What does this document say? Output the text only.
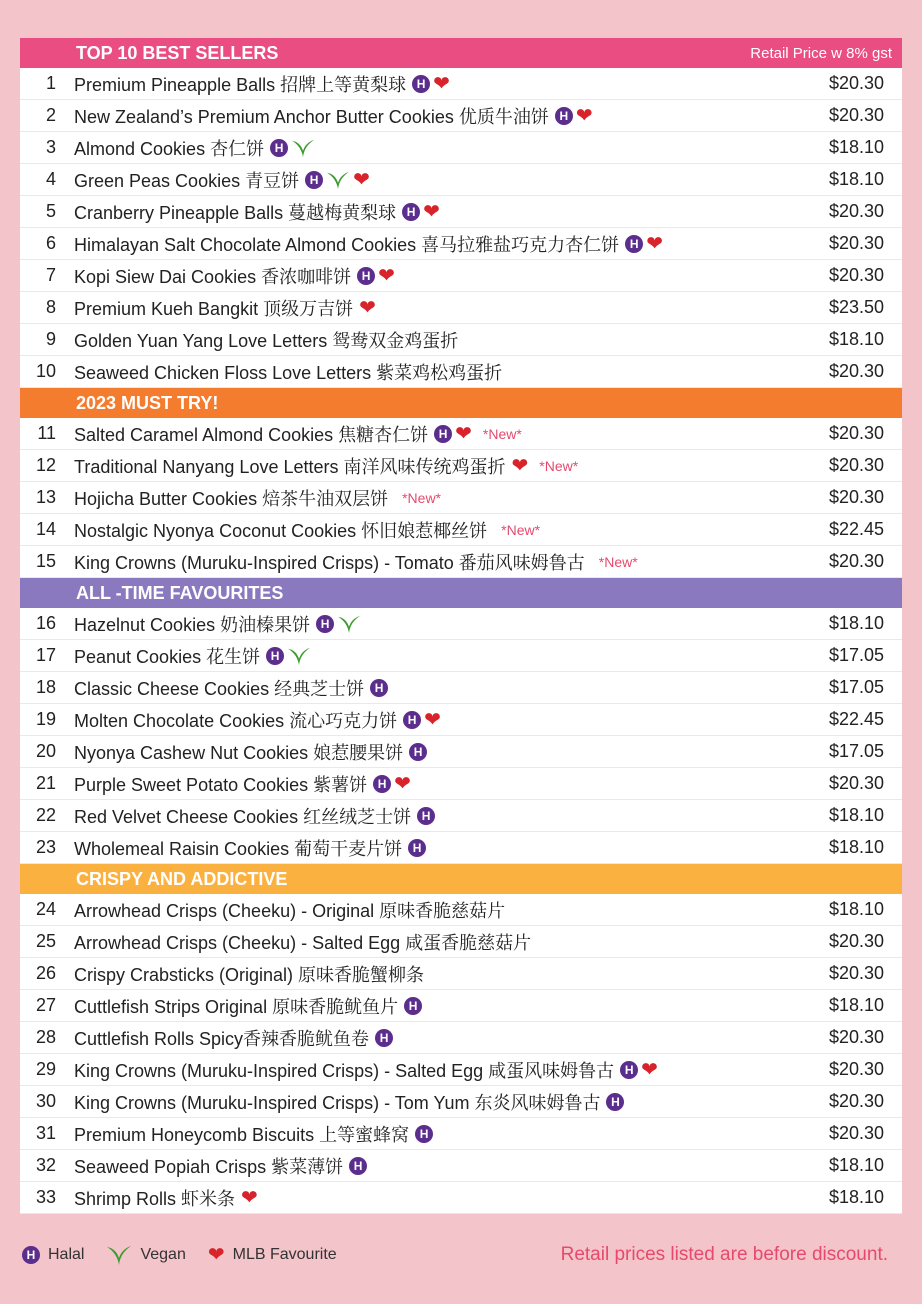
TOP 10 BEST SELLERS	Retail Price w 8% gst
1	Premium Pineapple Balls 招牌上等黄梨球 H ❤	$20.30
2	New Zealand’s Premium Anchor Butter Cookies 优质牛油饼 H ❤	$20.30
3	Almond Cookies 杏仁饼 H	$18.10
4	Green Peas Cookies 青豆饼 H ❤	$18.10
5	Cranberry Pineapple Balls 蔓越梅黄梨球 H ❤	$20.30
6	Himalayan Salt Chocolate Almond Cookies 喜马拉雅盐巧克力杏仁饼 H ❤	$20.30
7	Kopi Siew Dai Cookies 香浓咖啡饼 H ❤	$20.30
8	Premium Kueh Bangkit 顶级万吉饼 ❤	$23.50
9	Golden Yuan Yang Love Letters 鸳鸯双金鸡蛋折	$18.10
10	Seaweed Chicken Floss Love Letters 紫菜鸡松鸡蛋折	$20.30
2023 MUST TRY!
11	Salted Caramel Almond Cookies 焦糖杏仁饼 H ❤ *New*	$20.30
12	Traditional Nanyang Love Letters 南洋风味传统鸡蛋折 ❤ *New*	$20.30
13	Hojicha Butter Cookies 焙茶牛油双层饼 *New*	$20.30
14	Nostalgic Nyonya Coconut Cookies 怀旧娘惹椰丝饼 *New*	$22.45
15	King Crowns (Muruku-Inspired Crisps) - Tomato 番茄风味姆鲁古 *New*	$20.30
ALL -TIME FAVOURITES
16	Hazelnut Cookies 奶油榛果饼 H	$18.10
17	Peanut Cookies 花生饼 H	$17.05
18	Classic Cheese Cookies 经典芝士饼 H	$17.05
19	Molten Chocolate Cookies 流心巧克力饼 H ❤	$22.45
20	Nyonya Cashew Nut Cookies 娘惹腰果饼 H	$17.05
21	Purple Sweet Potato Cookies 紫薯饼 H ❤	$20.30
22	Red Velvet Cheese Cookies 红丝绒芝士饼 H	$18.10
23	Wholemeal Raisin Cookies 葡萄干麦片饼 H	$18.10
CRISPY AND ADDICTIVE
24	Arrowhead Crisps (Cheeku) - Original 原味香脆慈菇片	$18.10
25	Arrowhead Crisps (Cheeku) - Salted Egg 咸蛋香脆慈菇片	$20.30
26	Crispy Crabsticks (Original) 原味香脆蟹柳条	$20.30
27	Cuttlefish Strips Original 原味香脆鱿鱼片 H	$18.10
28	Cuttlefish Rolls Spicy香辣香脆鱿鱼卷 H	$20.30
29	King Crowns (Muruku-Inspired Crisps) - Salted Egg 咸蛋风味姆鲁古 H ❤	$20.30
30	King Crowns (Muruku-Inspired Crisps) - Tom Yum 东炎风味姆鲁古 H	$20.30
31	Premium Honeycomb Biscuits 上等蜜蜂窝 H	$20.30
32	Seaweed Popiah Crisps 紫菜薄饼 H	$18.10
33	Shrimp Rolls 虾米条 ❤	$18.10
H Halal	Vegan ❤ MLB Favourite	Retail prices listed are before discount.
